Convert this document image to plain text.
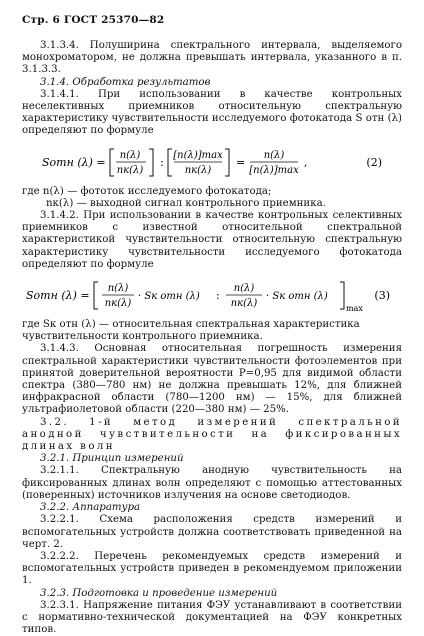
Стр. 6 ГОСТ 25370—82

3.1.3.4. Полуширина спектрального интервала, выделяемого монохроматором, не должна превышать интервала, указанного в п. 3.1.3.3.

3.1.4. Обработка результатов

3.1.4.1. При использовании в качестве контрольных неселективных приемников относительную спектральную характеристику чувствительности исследуемого фотокатода S отн (λ) определяют по формуле

Sотн (λ) =
n(λ)
nк(λ)
:
[n(λ)]max
nк(λ)
=
n(λ)
[n(λ)]max
,	(2)

где n(λ) — фототок исследуемого фотокатода;

nк(λ) — выходной сигнал контрольного приемника.

3.1.4.2. При использовании в качестве контрольных селективных приемников с известной относительной спектральной характеристикой чувствительности относительную спектральную характеристику чувствительности исследуемого фотокатода определяют по формуле

Sотн (λ) =
n(λ)
nк(λ)
· Sк отн (λ) :
n(λ)
nк(λ)
· Sк отн (λ)
max
(3)

где Sк отн (λ) — относительная спектральная характеристика чувствительности контрольного приемника.

3.1.4.3. Основная относительная погрешность измерения спектральной характеристики чувствительности фотоэлементов при принятой доверительной вероятности P=0,95 для видимой области спектра (380—780 нм) не должна превышать 12%, для ближней инфракрасной области (780—1200 нм) — 15%, для ближней ультрафиолетовой области (220—380 нм) — 25%.

3.2. 1-й метод измерений спектральной анодной чувствительности на фиксированных длинах волн

3.2.1. Принцип измерений

3.2.1.1. Спектральную анодную чувствительность на фиксированных длинах волн определяют с помощью аттестованных (поверенных) источников излучения на основе светодиодов.

3.2.2. Аппаратура

3.2.2.1. Схема расположения средств измерений и вспомогательных устройств должна соответствовать приведенной на черт. 2.

3.2.2.2. Перечень рекомендуемых средств измерений и вспомогательных устройств приведен в рекомендуемом приложении 1.

3.2.3. Подготовка и проведение измерений

3.2.3.1. Напряжение питания ФЭУ устанавливают в соответствии с нормативно-технической документацией на ФЭУ конкретных типов.
